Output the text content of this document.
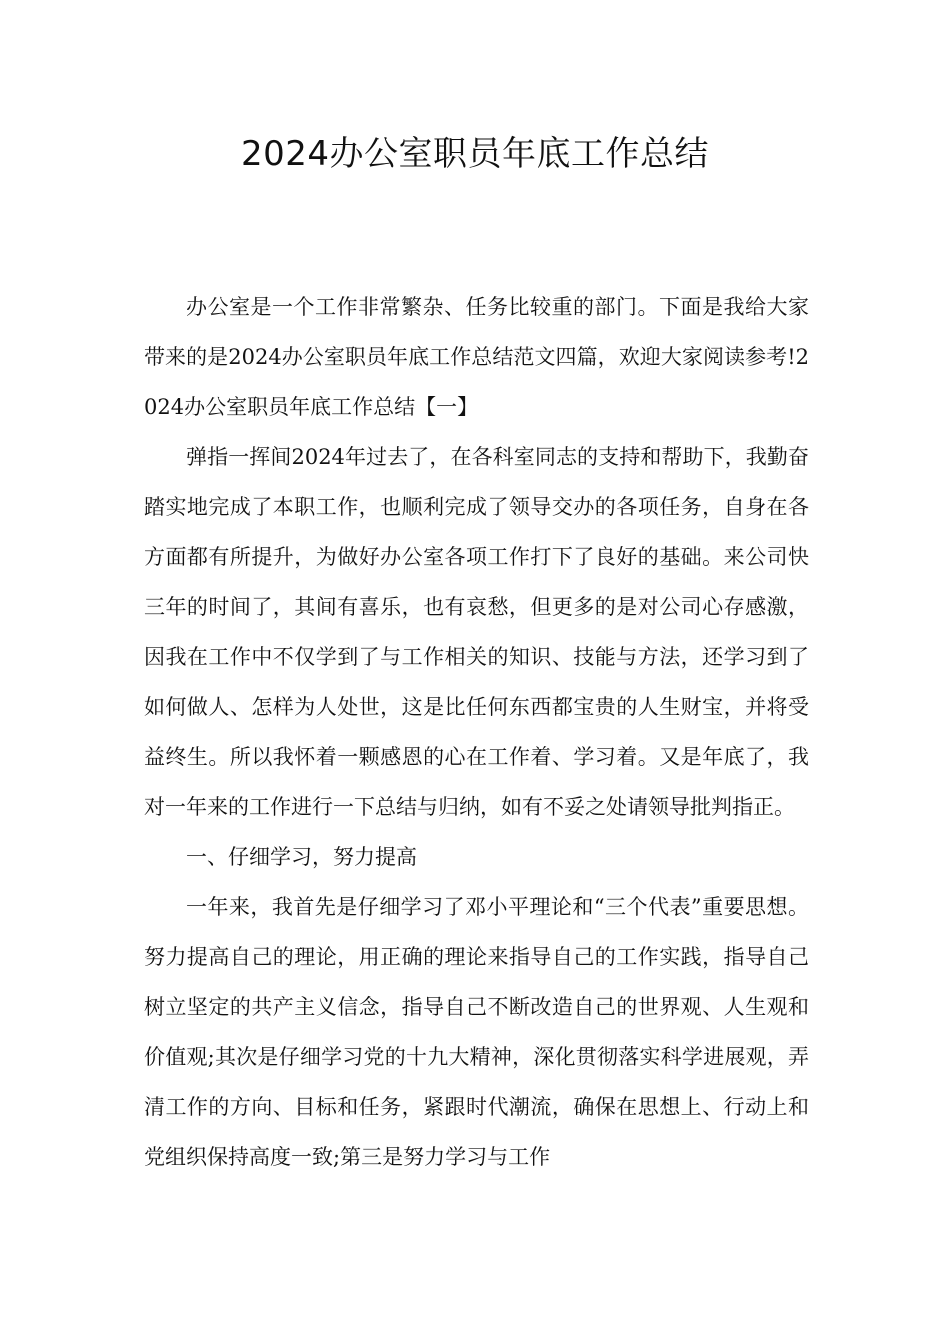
2024办公室职员年底工作总结

办公室是一个工作非常繁杂、任务比较重的部门。下面是我给大家带来的是2024办公室职员年底工作总结范文四篇，欢迎大家阅读参考!2024办公室职员年底工作总结【一】

弹指一挥间2024年过去了，在各科室同志的支持和帮助下，我勤奋踏实地完成了本职工作，也顺利完成了领导交办的各项任务，自身在各方面都有所提升，为做好办公室各项工作打下了良好的基础。来公司快三年的时间了，其间有喜乐，也有哀愁，但更多的是对公司心存感激，因我在工作中不仅学到了与工作相关的知识、技能与方法，还学习到了如何做人、怎样为人处世，这是比任何东西都宝贵的人生财宝，并将受益终生。所以我怀着一颗感恩的心在工作着、学习着。又是年底了，我对一年来的工作进行一下总结与归纳，如有不妥之处请领导批判指正。

一、仔细学习，努力提高

一年来，我首先是仔细学习了邓小平理论和“三个代表”重要思想。努力提高自己的理论，用正确的理论来指导自己的工作实践，指导自己树立坚定的共产主义信念，指导自己不断改造自己的世界观、人生观和价值观;其次是仔细学习党的十九大精神，深化贯彻落实科学进展观，弄清工作的方向、目标和任务，紧跟时代潮流，确保在思想上、行动上和党组织保持高度一致;第三是努力学习与工作
